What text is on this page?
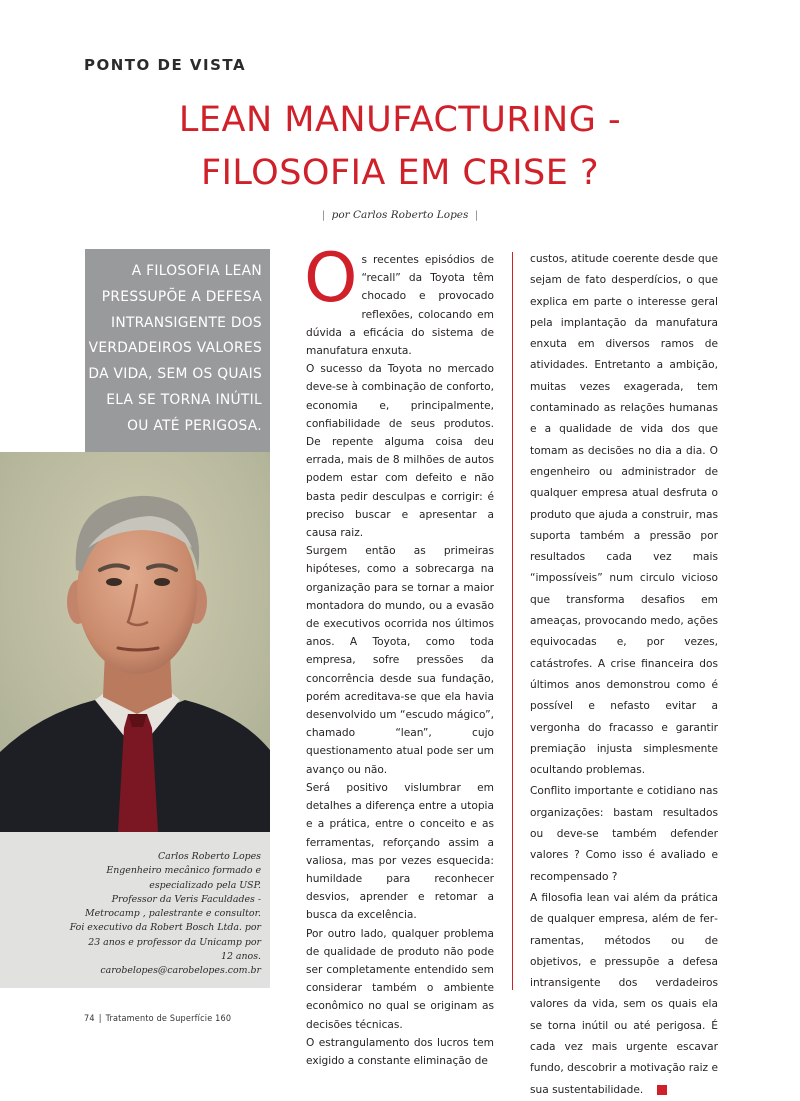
PONTO DE VISTA
LEAN MANUFACTURING -
FILOSOFIA EM CRISE ?
| por Carlos Roberto Lopes |
A FILOSOFIA LEAN
PRESSUPÕE A DEFESA
INTRANSIGENTE DOS
VERDADEIROS VALORES
DA VIDA, SEM OS QUAIS
ELA SE TORNA INÚTIL
OU ATÉ PERIGOSA.
Carlos Roberto Lopes
Engenheiro mecânico formado e
especializado pela USP.
Professor da Veris Faculdades -
Metrocamp , palestrante e consultor.
Foi executivo da Robert Bosch Ltda. por
23 anos e professor da Unicamp por
12 anos.
carobelopes@carobelopes.com.br

Os recentes episódios de “recall” da Toyota têm chocado e provocado reflexões, colocando em dúvida a eficácia do sistema de manufatura enxuta.

O sucesso da Toyota no mercado deve-se à combinação de conforto, economia e, principalmente, confiabilidade de seus produtos. De repente alguma coisa deu errada, mais de 8 milhões de autos podem estar com defeito e não basta pedir desculpas e corrigir: é preciso buscar e apresentar a causa raiz.

Surgem então as primeiras hipóteses, como a sobrecarga na organização para se tornar a maior montadora do mundo, ou a evasão de executivos ocorrida nos últimos anos. A Toyota, como toda empresa, sofre pressões da concorrência desde sua fundação, porém acreditava-se que ela havia desenvolvido um “escudo mágico”, chamado “lean”, cujo questionamento atual pode ser um avanço ou não.

Será positivo vislumbrar em detalhes a diferença entre a utopia e a prática, entre o conceito e as ferramentas, reforçando assim a valiosa, mas por vezes esquecida: humildade para reconhecer desvios, aprender e retomar a busca da excelência.

Por outro lado, qualquer problema de qualidade de produto não pode ser completamente entendido sem considerar também o ambiente econômico no qual se originam as decisões técnicas.

O estrangulamento dos lucros tem exigido a constante eliminação de

custos, atitude coerente desde que sejam de fato desperdícios, o que explica em parte o interesse geral pela implantação da manufatura enxuta em diversos ramos de atividades. Entretanto a ambição, muitas vezes exagerada, tem contaminado as relações humanas e a qualidade de vida dos que tomam as decisões no dia a dia. O engenheiro ou administrador de qualquer empresa atual desfruta o produto que ajuda a construir, mas suporta também a pressão por resultados cada vez mais “impossíveis” num circulo vicioso que transforma desafios em ameaças, provocando medo, ações equivocadas e, por vezes, catástrofes. A crise financeira dos últimos anos demonstrou como é possível e nefasto evitar a vergonha do fracasso e garantir premiação injusta simplesmente ocultando problemas.

Conflito importante e cotidiano nas organizações: bastam resultados ou deve-se também defender valores ? Como isso é avaliado e recompensado ?

A filosofia lean vai além da prática de qualquer empresa, além de ferramentas, métodos ou de objetivos, e pressupõe a defesa intransigente dos verdadeiros valores da vida, sem os quais ela se torna inútil ou até perigosa. É cada vez mais urgente escavar fundo, descobrir a motivação raiz e sua sustentabilidade.

74 | Tratamento de Superfície 160
